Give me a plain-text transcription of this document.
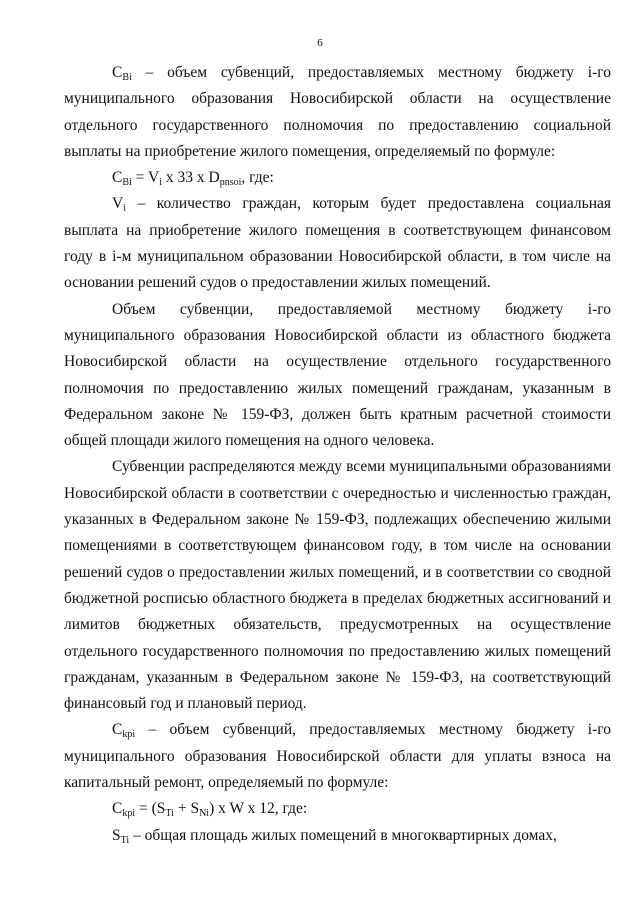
6

$C_{Bi}$ – объем субвенций, предоставляемых местному бюджету i-го муниципального образования Новосибирской области на осуществление отдельного государственного полномочия по предоставлению социальной выплаты на приобретение жилого помещения, определяемый по формуле:

$C_{Bi} = V_i$ x 33 x $D_{pnsoi}$, где:

$V_i$ – количество граждан, которым будет предоставлена социальная выплата на приобретение жилого помещения в соответствующем финансовом году в i-м муниципальном образовании Новосибирской области, в том числе на основании решений судов о предоставлении жилых помещений.

Объем субвенции, предоставляемой местному бюджету i-го муниципального образования Новосибирской области из областного бюджета Новосибирской области на осуществление отдельного государственного полномочия по предоставлению жилых помещений гражданам, указанным в Федеральном законе № 159-ФЗ, должен быть кратным расчетной стоимости общей площади жилого помещения на одного человека.

Субвенции распределяются между всеми муниципальными образованиями Новосибирской области в соответствии с очередностью и численностью граждан, указанных в Федеральном законе № 159-ФЗ, подлежащих обеспечению жилыми помещениями в соответствующем финансовом году, в том числе на основании решений судов о предоставлении жилых помещений, и в соответствии со сводной бюджетной росписью областного бюджета в пределах бюджетных ассигнований и лимитов бюджетных обязательств, предусмотренных на осуществление отдельного государственного полномочия по предоставлению жилых помещений гражданам, указанным в Федеральном законе № 159-ФЗ, на соответствующий финансовый год и плановый период.

$C_{kpi}$ – объем субвенций, предоставляемых местному бюджету i-го муниципального образования Новосибирской области для уплаты взноса на капитальный ремонт, определяемый по формуле:

$C_{kpi} = (S_{Ti} + S_{Ni})$ x W x 12, где:

$S_{Ti}$ – общая площадь жилых помещений в многоквартирных домах,
